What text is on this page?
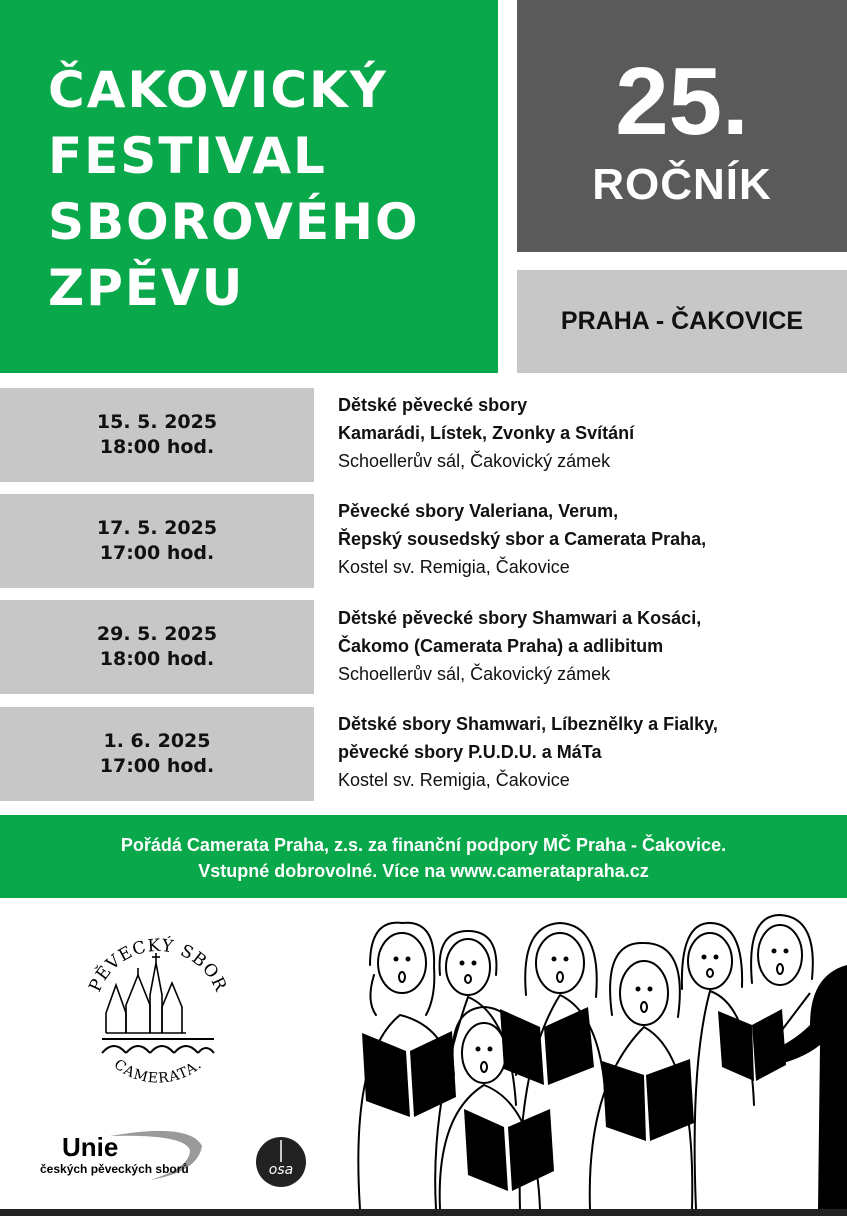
ČAKOVICKÝ
FESTIVAL
SBOROVÉHO
ZPĚVU
25.
ROČNÍK
PRAHA - ČAKOVICE
15. 5. 2025
18:00 hod.
Dětské pěvecké sbory
Kamarádi, Lístek, Zvonky a Svítání
Schoellerův sál, Čakovický zámek
17. 5. 2025
17:00 hod.
Pěvecké sbory Valeriana, Verum,
Řepský sousedský sbor a Camerata Praha,
Kostel sv. Remigia, Čakovice
29. 5. 2025
18:00 hod.
Dětské pěvecké sbory Shamwari a Kosáci,
Čakomo (Camerata Praha) a adlibitum
Schoellerův sál, Čakovický zámek
1. 6. 2025
17:00 hod.
Dětské sbory Shamwari, Líbeznělky a Fialky,
pěvecké sbory P.U.D.U. a MáTa
Kostel sv. Remigia, Čakovice
Pořádá Camerata Praha, z.s. za finanční podpory MČ Praha - Čakovice.
Vstupné dobrovolné. Více na www.cameratapraha.cz
PĚVECKÝ SBOR
CAMERATA.
Unie
českých pěveckých sborů	osa
